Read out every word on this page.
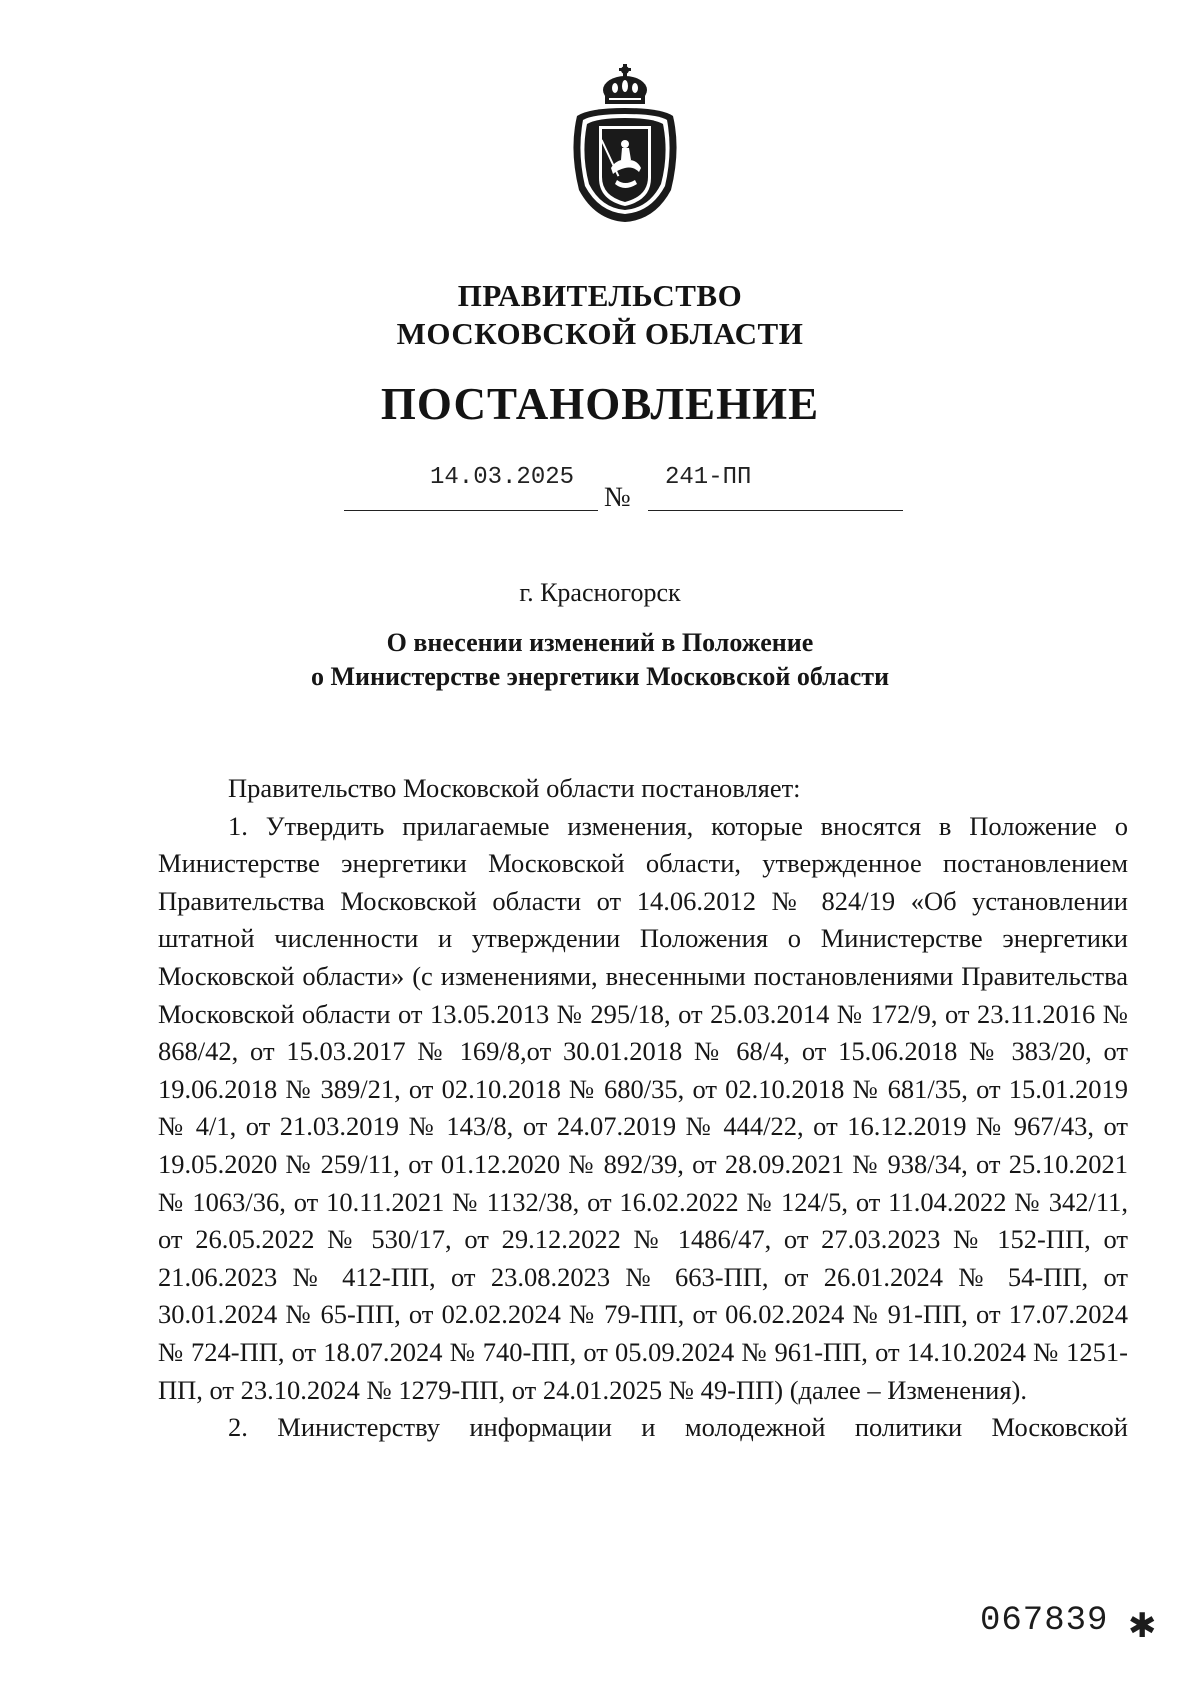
ПРАВИТЕЛЬСТВО
МОСКОВСКОЙ ОБЛАСТИ
ПОСТАНОВЛЕНИЕ
14.03.2025
№
241-ПП
г. Красногорск
О внесении изменений в Положение
о Министерстве энергетики Московской области

Правительство Московской области постановляет:

1. Утвердить прилагаемые изменения, которые вносятся в Положение о Министерстве энергетики Московской области, утвержденное постановлением Правительства Московской области от 14.06.2012 № 824/19 «Об установлении штатной численности и утверждении Положения о Министерстве энергетики Московской области» (с изменениями, внесенными постановлениями Правительства Московской области от 13.05.2013 № 295/18, от 25.03.2014 № 172/9, от 23.11.2016 № 868/42, от 15.03.2017 № 169/8,от 30.01.2018 № 68/4, от 15.06.2018 № 383/20, от 19.06.2018 № 389/21, от 02.10.2018 № 680/35, от 02.10.2018 № 681/35, от 15.01.2019 № 4/1, от 21.03.2019 № 143/8, от 24.07.2019 № 444/22, от 16.12.2019 № 967/43, от 19.05.2020 № 259/11, от 01.12.2020 № 892/39, от 28.09.2021 № 938/34, от 25.10.2021 № 1063/36, от 10.11.2021 № 1132/38, от 16.02.2022 № 124/5, от 11.04.2022 № 342/11, от 26.05.2022 № 530/17, от 29.12.2022 № 1486/47, от 27.03.2023 № 152-ПП, от 21.06.2023 № 412-ПП, от 23.08.2023 № 663-ПП, от 26.01.2024 № 54-ПП, от 30.01.2024 № 65-ПП, от 02.02.2024 № 79-ПП, от 06.02.2024 № 91-ПП, от 17.07.2024 № 724-ПП, от 18.07.2024 № 740-ПП, от 05.09.2024 № 961-ПП, от 14.10.2024 № 1251-ПП, от 23.10.2024 № 1279-ПП, от 24.01.2025 № 49-ПП) (далее – Изменения).

2. Министерству информации и молодежной политики Московской

067839 ✱
